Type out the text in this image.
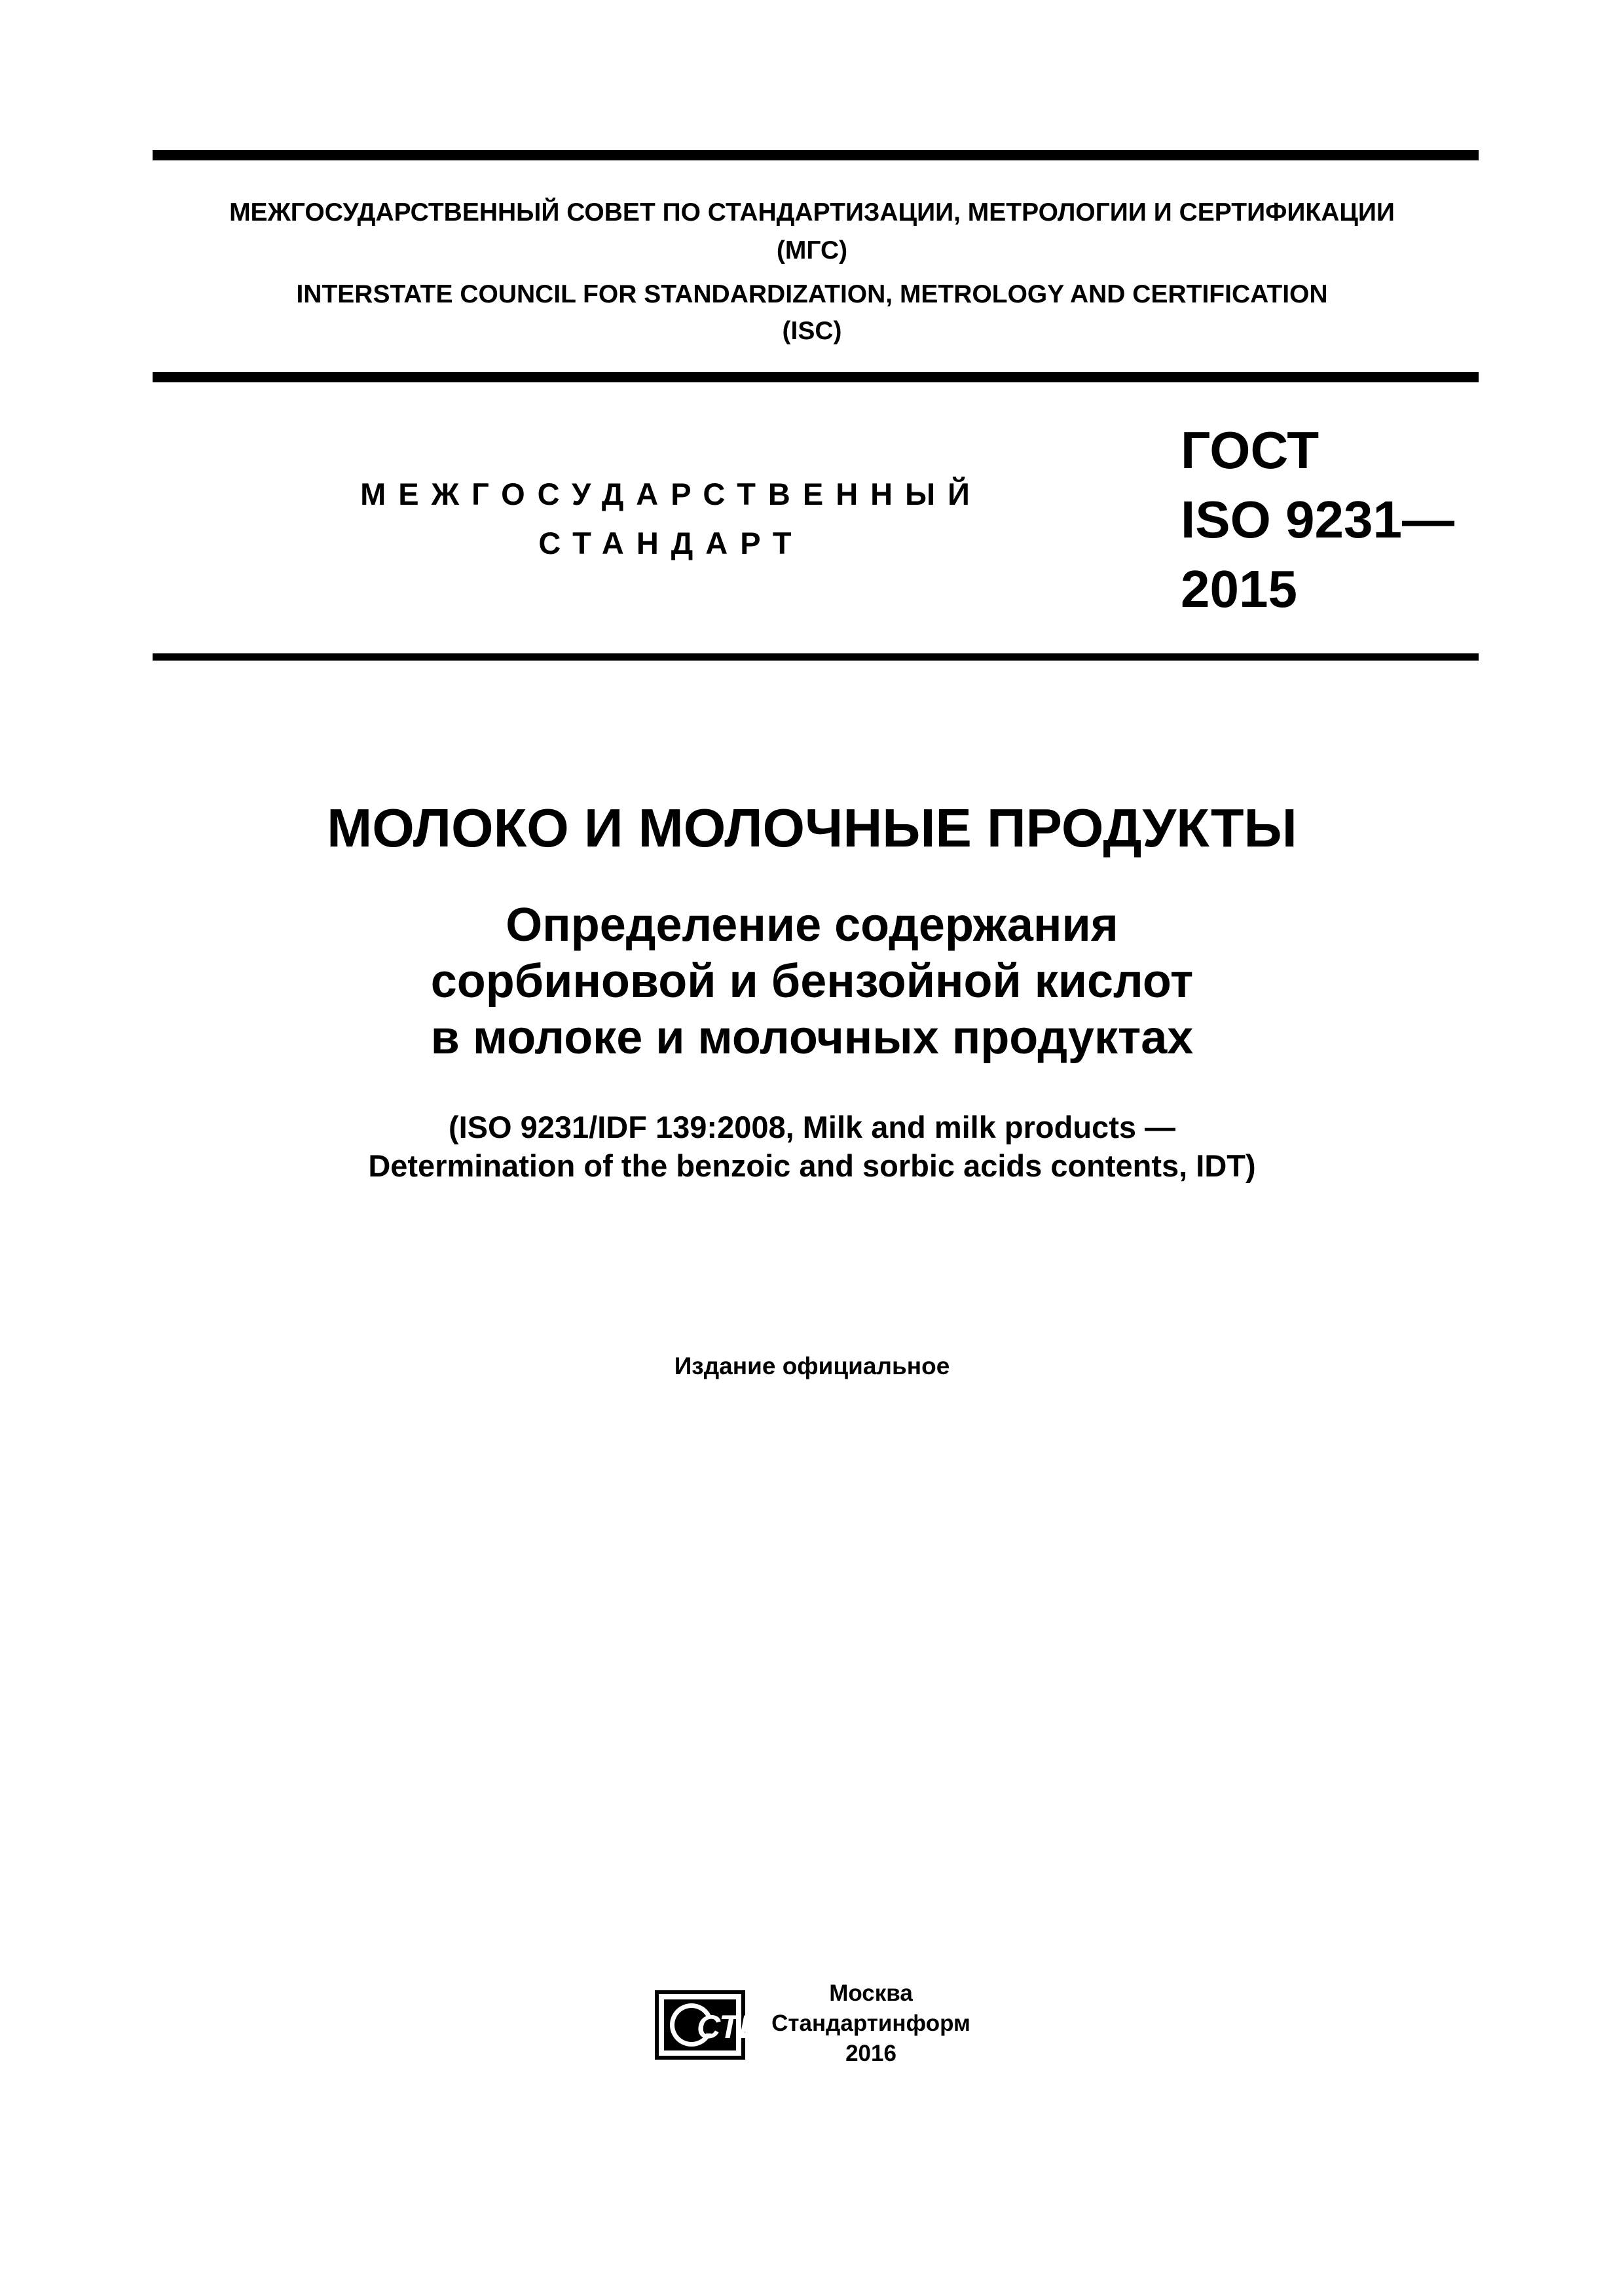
МЕЖГОСУДАРСТВЕННЫЙ СОВЕТ ПО СТАНДАРТИЗАЦИИ, МЕТРОЛОГИИ И СЕРТИФИКАЦИИ
(МГС)
INTERSTATE COUNCIL FOR STANDARDIZATION, METROLOGY AND CERTIFICATION
(ISC)
МЕЖГОСУДАРСТВЕННЫЙ
СТАНДАРТ
ГОСТ
ISO 9231—
2015
МОЛОКО И МОЛОЧНЫЕ ПРОДУКТЫ
Определение содержания
сорбиновой и бензойной кислот
в молоке и молочных продуктах
(ISO 9231/IDF 139:2008, Milk and milk products —
Determination of the benzoic and sorbic acids contents, IDT)
Издание официальное
СТИ
Москва
Стандартинформ
2016
